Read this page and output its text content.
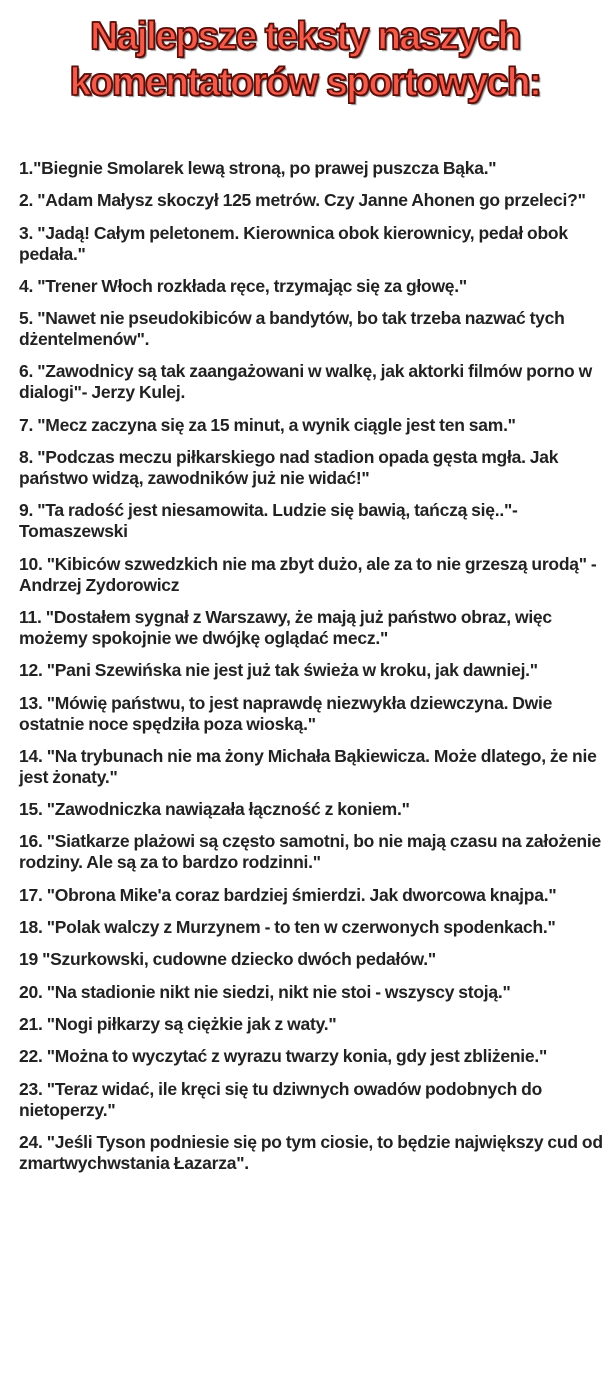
Najlepsze teksty naszych
komentatorów sportowych:
1."Biegnie Smolarek lewą stroną, po prawej puszcza Bąka."
2. "Adam Małysz skoczył 125 metrów. Czy Janne Ahonen go przeleci?"
3. "Jadą! Całym peletonem. Kierownica obok kierownicy, pedał obok pedała."
4. "Trener Włoch rozkłada ręce, trzymając się za głowę."
5. "Nawet nie pseudokibiców a bandytów, bo tak trzeba nazwać tych dżentelmenów".
6. "Zawodnicy są tak zaangażowani w walkę, jak aktorki filmów porno w dialogi"- Jerzy Kulej.
7. "Mecz zaczyna się za 15 minut, a wynik ciągle jest ten sam."
8. "Podczas meczu piłkarskiego nad stadion opada gęsta mgła. Jak państwo widzą, zawodników już nie widać!"
9. "Ta radość jest niesamowita. Ludzie się bawią, tańczą się.."-Tomaszewski
10. "Kibiców szwedzkich nie ma zbyt dużo, ale za to nie grzeszą urodą" - Andrzej Zydorowicz
11. "Dostałem sygnał z Warszawy, że mają już państwo obraz, więc możemy spokojnie we dwójkę oglądać mecz."
12. "Pani Szewińska nie jest już tak świeża w kroku, jak dawniej."
13. "Mówię państwu, to jest naprawdę niezwykła dziewczyna. Dwie ostatnie noce spędziła poza wioską."
14. "Na trybunach nie ma żony Michała Bąkiewicza. Może dlatego, że nie jest żonaty."
15. "Zawodniczka nawiązała łączność z koniem."
16. "Siatkarze plażowi są często samotni, bo nie mają czasu na założenie rodziny. Ale są za to bardzo rodzinni."
17. "Obrona Mike'a coraz bardziej śmierdzi. Jak dworcowa knajpa."
18. "Polak walczy z Murzynem - to ten w czerwonych spodenkach."
19 "Szurkowski, cudowne dziecko dwóch pedałów."
20. "Na stadionie nikt nie siedzi, nikt nie stoi - wszyscy stoją."
21. "Nogi piłkarzy są ciężkie jak z waty."
22. "Można to wyczytać z wyrazu twarzy konia, gdy jest zbliżenie."
23. "Teraz widać, ile kręci się tu dziwnych owadów podobnych do nietoperzy."
24. "Jeśli Tyson podniesie się po tym ciosie, to będzie największy cud od zmartwychwstania Łazarza".
